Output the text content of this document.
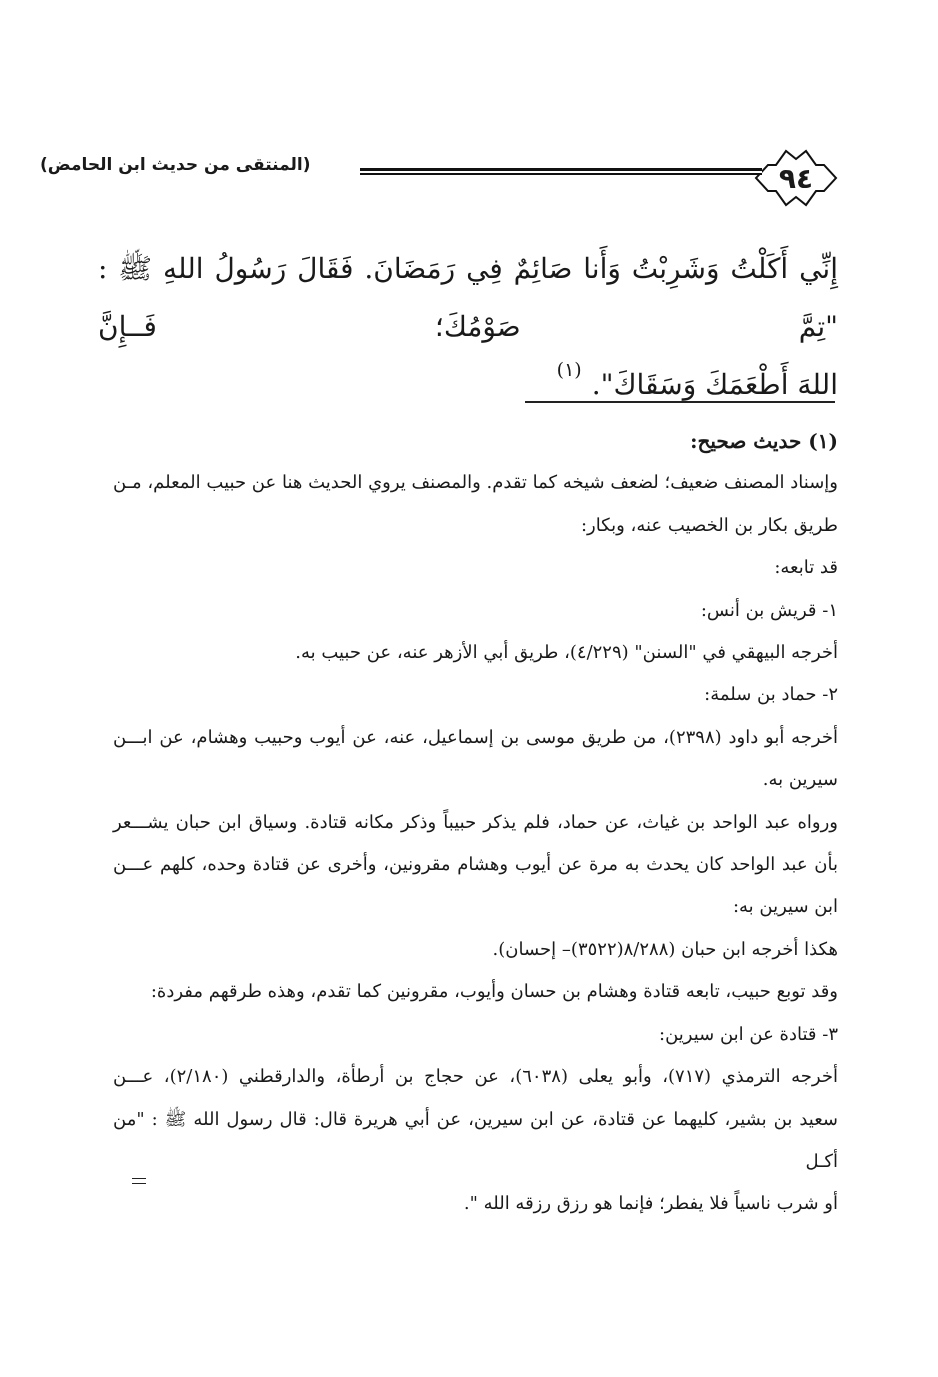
٩٤
(المنتقى من حديث ابن الحامض)

إِنِّي أَكَلْتُ وَشَرِبْتُ وَأَنا صَائِمٌ فِي رَمَضَانَ. فَقَالَ رَسُولُ اللهِ ﷺ : "تِمَّ صَوْمُكَ؛ فَــإِنَّ

اللهَ أَطْعَمَكَ وَسَقَاكَ".$^{(١)}$

(١) حديث صحيح:

وإسناد المصنف ضعيف؛ لضعف شيخه كما تقدم. والمصنف يروي الحديث هنا عن حبيب المعلم، مـن

طريق بكار بن الخصيب عنه، وبكار:

قد تابعه:

١- قريش بن أنس:

أخرجه البيهقي في "السنن" (٤/٢٢٩)، طريق أبي الأزهر عنه، عن حبيب به.

٢- حماد بن سلمة:

أخرجه أبو داود (٢٣٩٨)، من طريق موسى بن إسماعيل، عنه، عن أيوب وحبيب وهشام، عن ابـــن

سيرين به.

ورواه عبد الواحد بن غياث، عن حماد، فلم يذكر حبيباً وذكر مكانه قتادة. وسياق ابن حبان يشـــعر

بأن عبد الواحد كان يحدث به مرة عن أيوب وهشام مقرونين، وأخرى عن قتادة وحده، كلهم عـــن

ابن سيرين به:

هكذا أخرجه ابن حبان (٨/٢٨٨(٣٥٢٢)– إحسان).

وقد توبع حبيب، تابعه قتادة وهشام بن حسان وأيوب، مقرونين كما تقدم، وهذه طرقهم مفردة:

٣- قتادة عن ابن سيرين:

أخرجه الترمذي (٧١٧)، وأبو يعلى (٦٠٣٨)، عن حجاج بن أرطأة، والدارقطني (٢/١٨٠)، عـــن

سعيد بن بشير، كليهما عن قتادة، عن ابن سيرين، عن أبي هريرة قال: قال رسول الله ﷺ : "من أكـل

أو شرب ناسياً فلا يفطر؛ فإنما هو رزق رزقه الله ".
